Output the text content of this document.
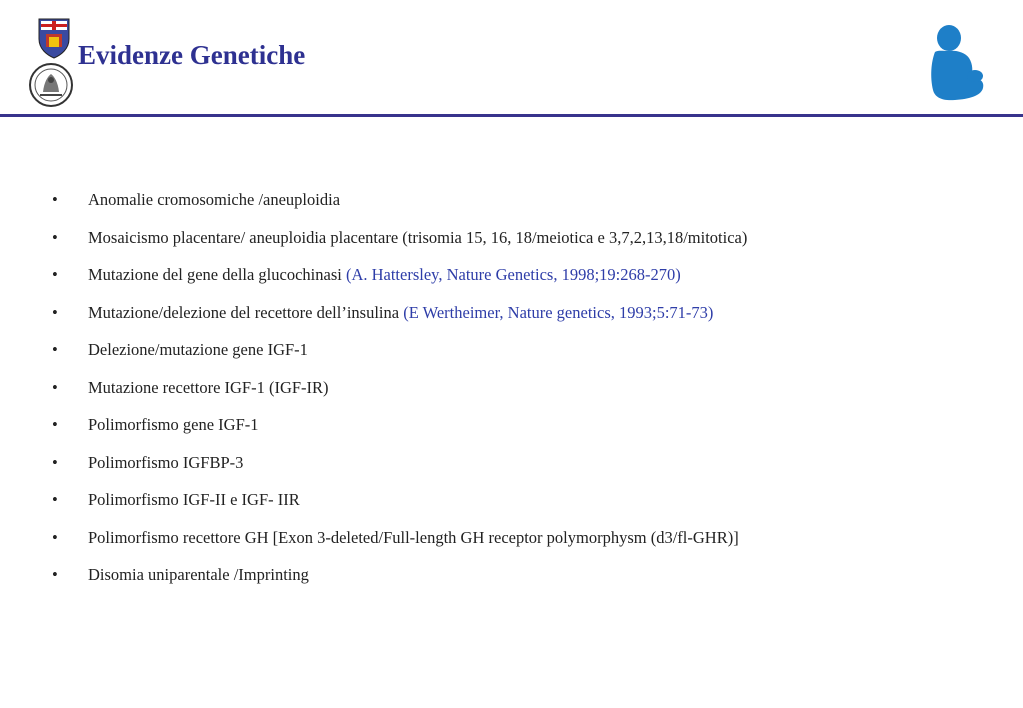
Evidenze Genetiche
•	Anomalie cromosomiche /aneuploidia
•	Mosaicismo placentare/ aneuploidia placentare (trisomia 15, 16, 18/meiotica e 3,7,2,13,18/mitotica)
•	Mutazione del gene della glucochinasi (A. Hattersley, Nature Genetics, 1998;19:268-270)
•	Mutazione/delezione del recettore dell’insulina (E Wertheimer, Nature genetics, 1993;5:71-73)
•	Delezione/mutazione gene IGF-1
•	Mutazione recettore IGF-1 (IGF-IR)
•	Polimorfismo gene IGF-1
•	Polimorfismo IGFBP-3
•	Polimorfismo IGF-II e IGF- IIR
•	Polimorfismo recettore GH [Exon 3-deleted/Full-length GH receptor polymorphysm (d3/fl-GHR)]
•	Disomia uniparentale /Imprinting
